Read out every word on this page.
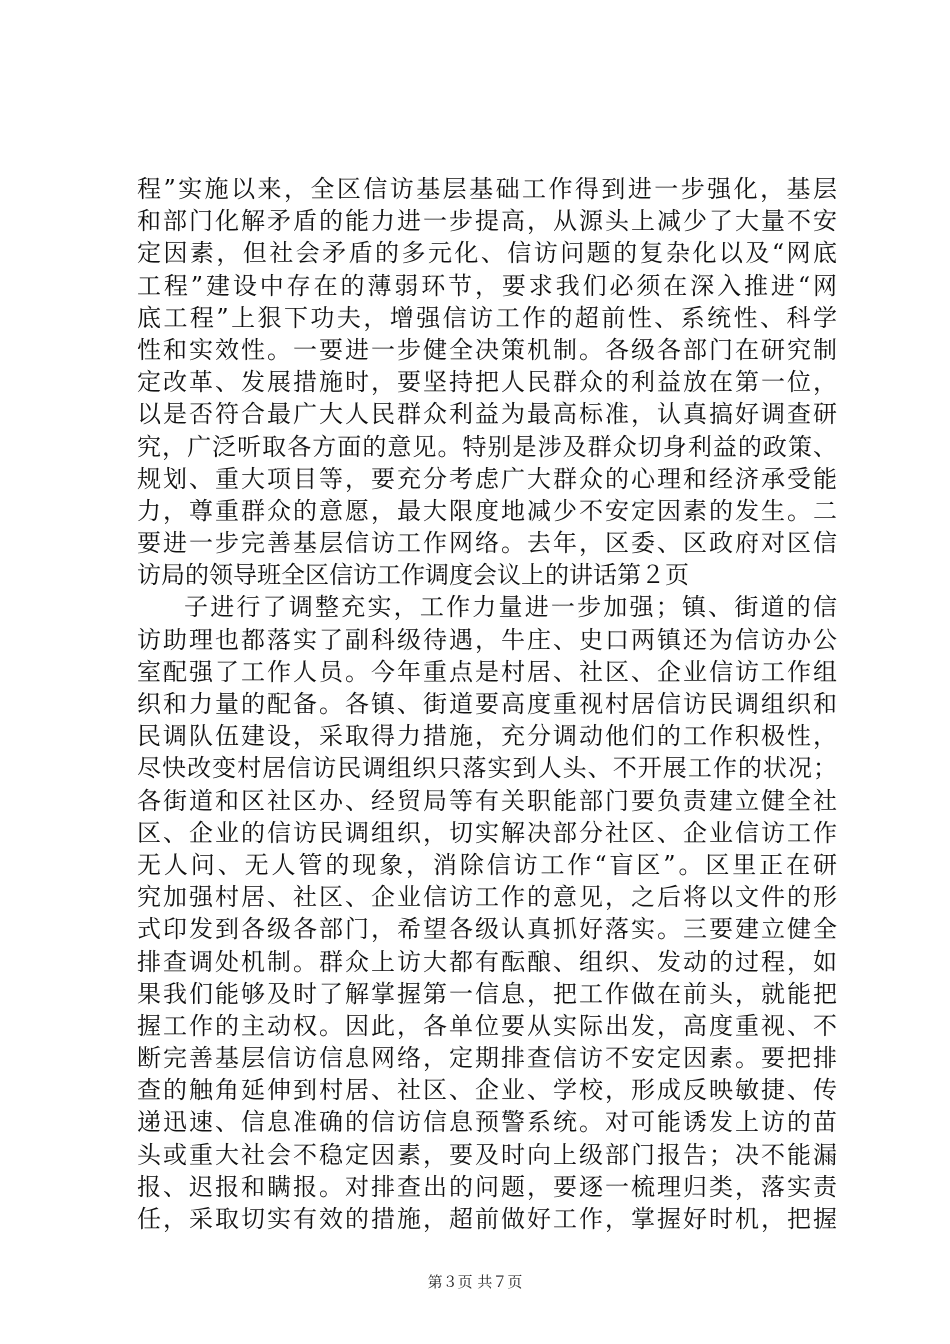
程”实施以来，全区信访基层基础工作得到进一步强化，基层
和部门化解矛盾的能力进一步提高，从源头上减少了大量不安
定因素，但社会矛盾的多元化、信访问题的复杂化以及“网底
工程”建设中存在的薄弱环节，要求我们必须在深入推进“网
底工程”上狠下功夫，增强信访工作的超前性、系统性、科学
性和实效性。一要进一步健全决策机制。各级各部门在研究制
定改革、发展措施时，要坚持把人民群众的利益放在第一位，
以是否符合最广大人民群众利益为最高标准，认真搞好调查研
究，广泛听取各方面的意见。特别是涉及群众切身利益的政策、
规划、重大项目等，要充分考虑广大群众的心理和经济承受能
力，尊重群众的意愿，最大限度地减少不安定因素的发生。二
要进一步完善基层信访工作网络。去年，区委、区政府对区信
访局的领导班全区信访工作调度会议上的讲话第２页
子进行了调整充实，工作力量进一步加强；镇、街道的信
访助理也都落实了副科级待遇，牛庄、史口两镇还为信访办公
室配强了工作人员。今年重点是村居、社区、企业信访工作组
织和力量的配备。各镇、街道要高度重视村居信访民调组织和
民调队伍建设，采取得力措施，充分调动他们的工作积极性，
尽快改变村居信访民调组织只落实到人头、不开展工作的状况；
各街道和区社区办、经贸局等有关职能部门要负责建立健全社
区、企业的信访民调组织，切实解决部分社区、企业信访工作
无人问、无人管的现象，消除信访工作“盲区”。区里正在研
究加强村居、社区、企业信访工作的意见，之后将以文件的形
式印发到各级各部门，希望各级认真抓好落实。三要建立健全
排查调处机制。群众上访大都有酝酿、组织、发动的过程，如
果我们能够及时了解掌握第一信息，把工作做在前头，就能把
握工作的主动权。因此，各单位要从实际出发，高度重视、不
断完善基层信访信息网络，定期排查信访不安定因素。要把排
查的触角延伸到村居、社区、企业、学校，形成反映敏捷、传
递迅速、信息准确的信访信息预警系统。对可能诱发上访的苗
头或重大社会不稳定因素，要及时向上级部门报告；决不能漏
报、迟报和瞒报。对排查出的问题，要逐一梳理归类，落实责
任，采取切实有效的措施，超前做好工作，掌握好时机，把握
第３页 共７页
